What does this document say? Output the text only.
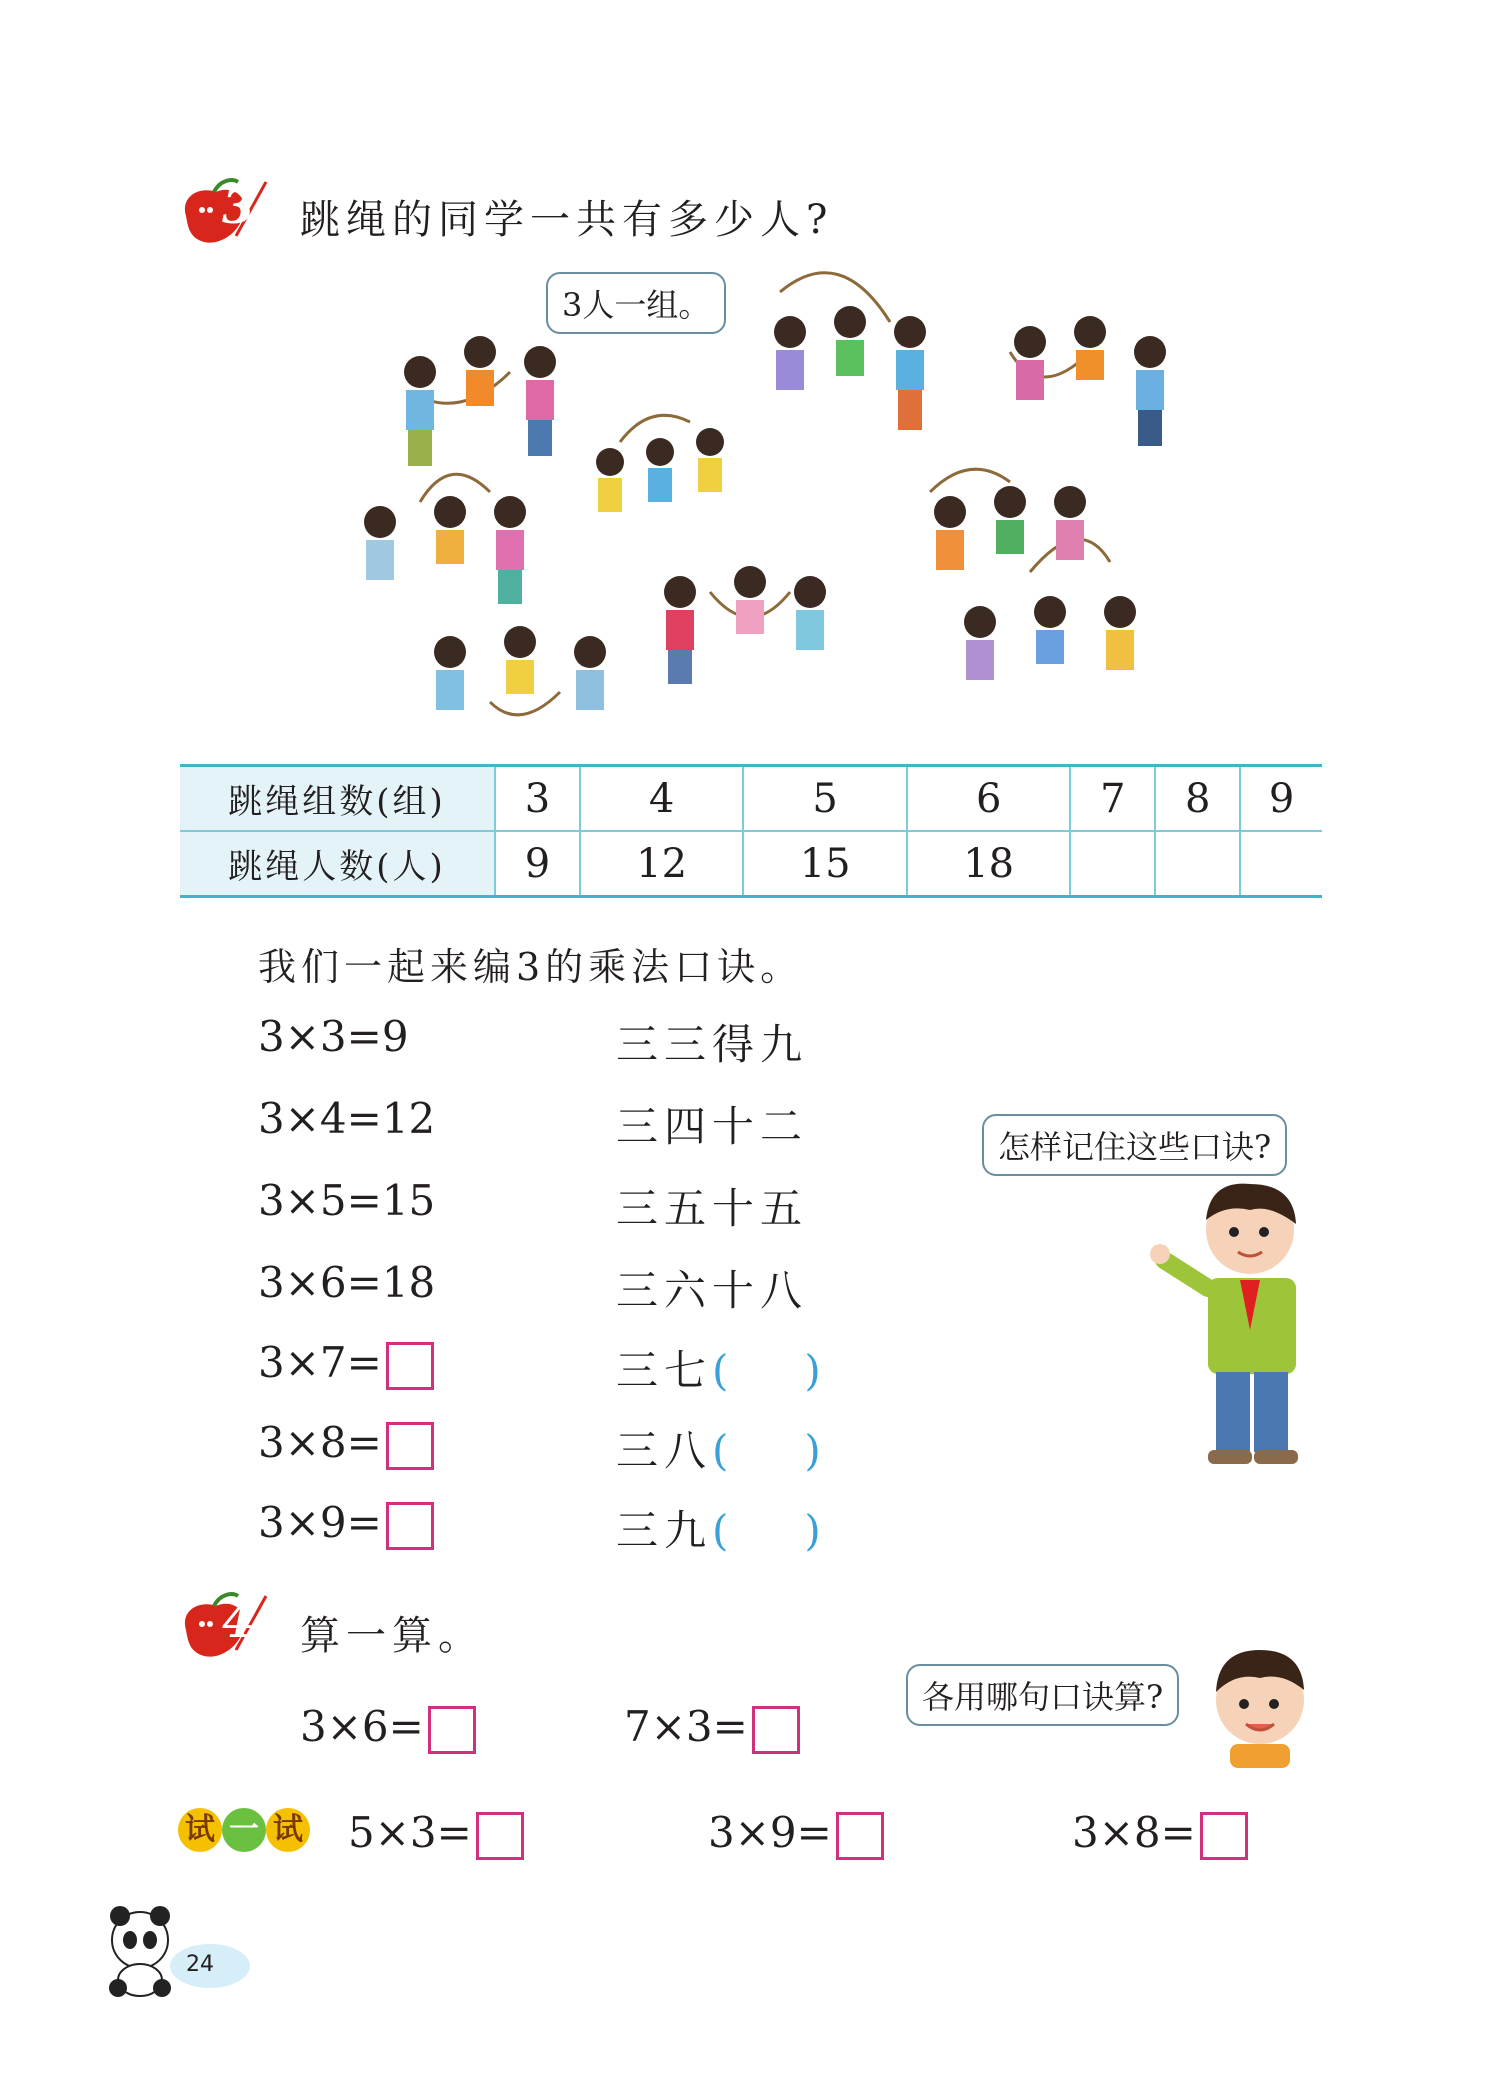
3 跳绳的同学一共有多少人?
3人一组。
跳绳组数(组)	3	4	5	6	7	8	9
跳绳人数(人)	9	12	15	18			
我们一起来编3的乘法口诀。
3×3=9	三三得九
3×4=12	三四十二
3×5=15	三五十五
3×6=18	三六十八
3×7=	三七( )
3×8=	三八( )
3×9=	三九( )
怎样记住这些口诀?
4 算一算。
3×6=	7×3=
各用哪句口诀算?
试 一 试 5×3=	3×9=	3×8=
24
